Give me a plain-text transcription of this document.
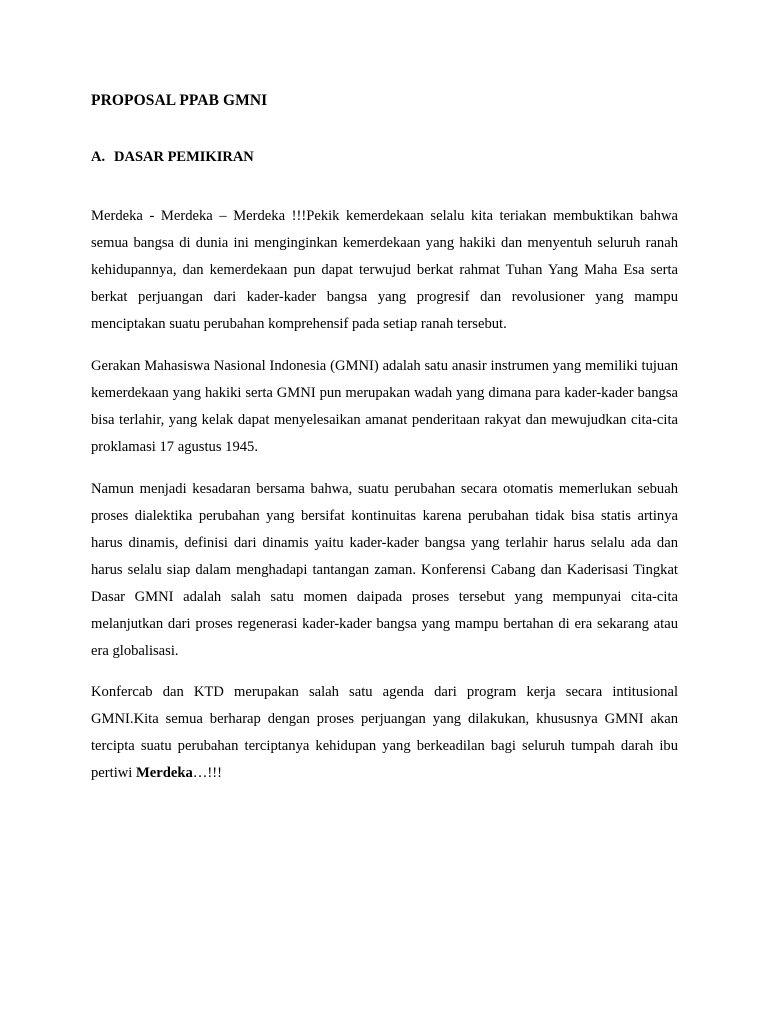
PROPOSAL PPAB GMNI
A. DASAR PEMIKIRAN

Merdeka - Merdeka – Merdeka !!!Pekik kemerdekaan selalu kita teriakan membuktikan bahwa semua bangsa di dunia ini menginginkan kemerdekaan yang hakiki dan menyentuh seluruh ranah kehidupannya, dan kemerdekaan pun dapat terwujud berkat rahmat Tuhan Yang Maha Esa serta berkat perjuangan dari kader-kader bangsa yang progresif dan revolusioner yang mampu menciptakan suatu perubahan komprehensif pada setiap ranah tersebut.

Gerakan Mahasiswa Nasional Indonesia (GMNI) adalah satu anasir instrumen yang memiliki tujuan kemerdekaan yang hakiki serta GMNI pun merupakan wadah yang dimana para kader-kader bangsa bisa terlahir, yang kelak dapat menyelesaikan amanat penderitaan rakyat dan mewujudkan cita-cita proklamasi 17 agustus 1945.

Namun menjadi kesadaran bersama bahwa, suatu perubahan secara otomatis memerlukan sebuah proses dialektika perubahan yang bersifat kontinuitas karena perubahan tidak bisa statis artinya harus dinamis, definisi dari dinamis yaitu kader-kader bangsa yang terlahir harus selalu ada dan harus selalu siap dalam menghadapi tantangan zaman. Konferensi Cabang dan Kaderisasi Tingkat Dasar GMNI adalah salah satu momen daipada proses tersebut yang mempunyai cita-cita melanjutkan dari proses regenerasi kader-kader bangsa yang mampu bertahan di era sekarang atau era globalisasi.

Konfercab dan KTD merupakan salah satu agenda dari program kerja secara intitusional GMNI.Kita semua berharap dengan proses perjuangan yang dilakukan, khususnya GMNI akan tercipta suatu perubahan terciptanya kehidupan yang berkeadilan bagi seluruh tumpah darah ibu pertiwi Merdeka…!!!
